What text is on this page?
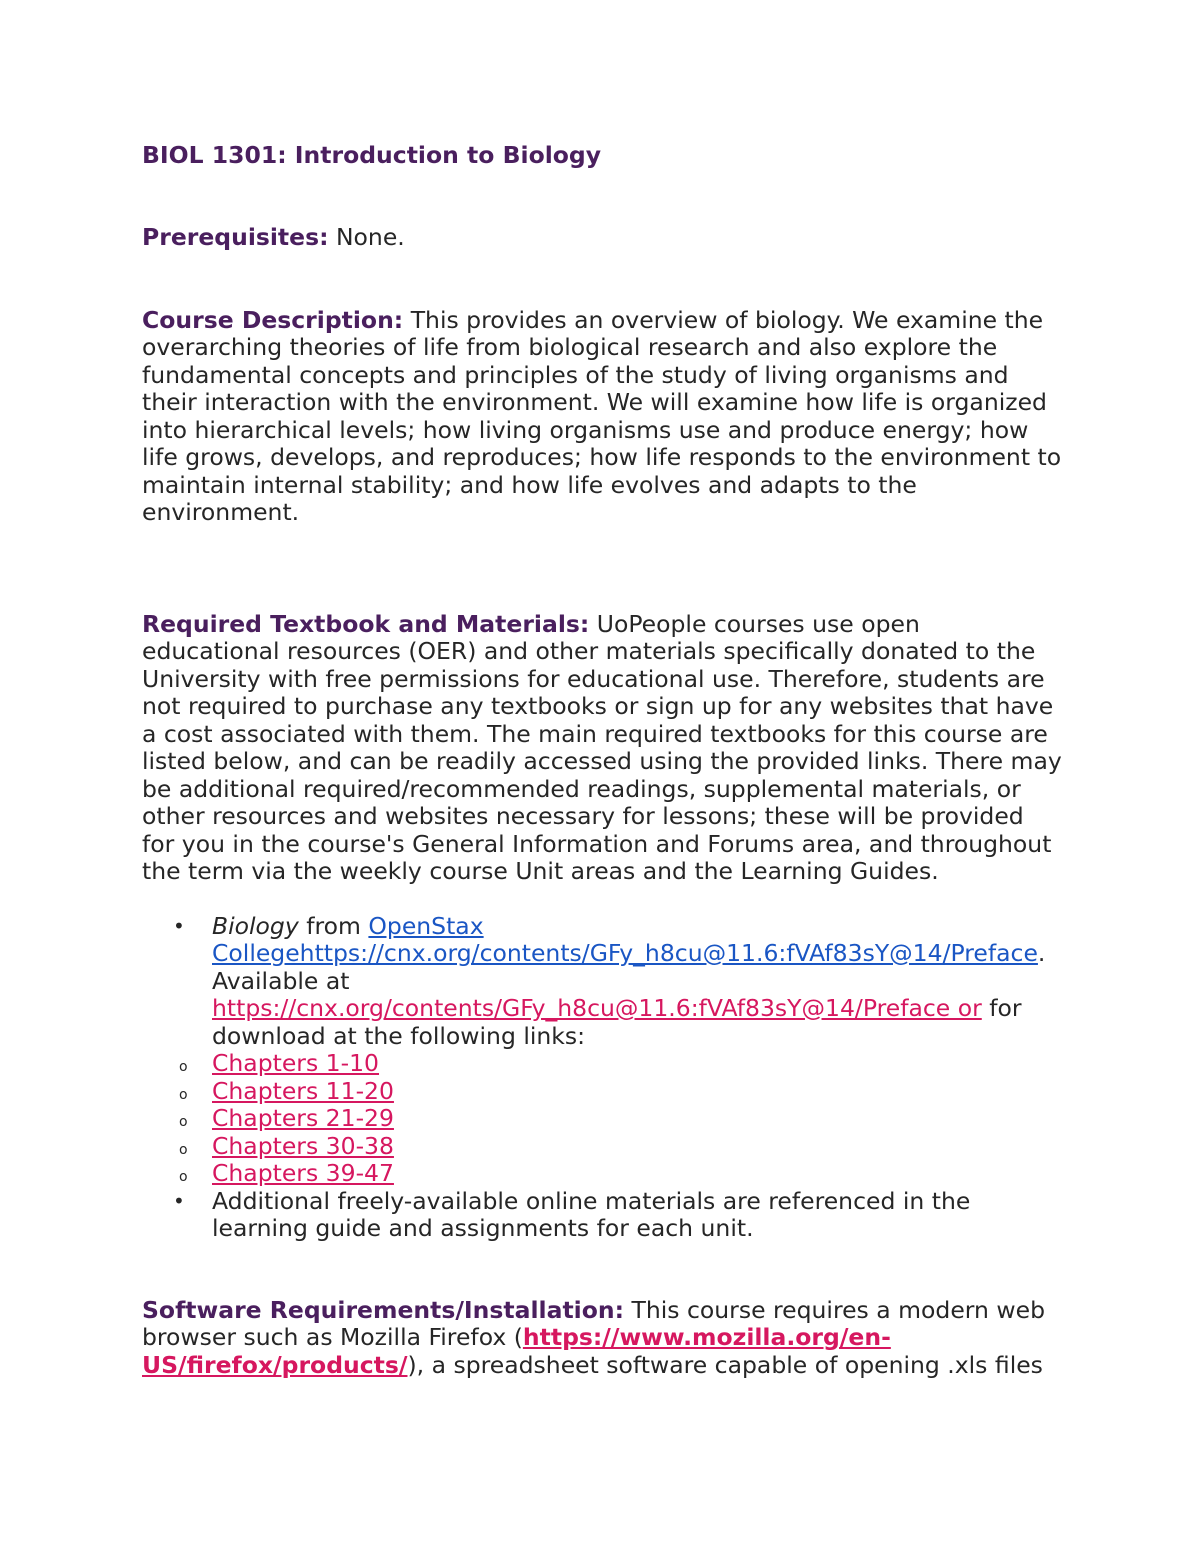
BIOL 1301: Introduction to Biology

Prerequisites: None.

Course Description: This provides an overview of biology. We examine the overarching theories of life from biological research and also explore the fundamental concepts and principles of the study of living organisms and their interaction with the environment. We will examine how life is organized into hierarchical levels; how living organisms use and produce energy; how life grows, develops, and reproduces; how life responds to the environment to maintain internal stability; and how life evolves and adapts to the environment.

Required Textbook and Materials: UoPeople courses use open educational resources (OER) and other materials specifically donated to the University with free permissions for educational use. Therefore, students are not required to purchase any textbooks or sign up for any websites that have a cost associated with them. The main required textbooks for this course are listed below, and can be readily accessed using the provided links. There may be additional required/recommended readings, supplemental materials, or other resources and websites necessary for lessons; these will be provided for you in the course's General Information and Forums area, and throughout the term via the weekly course Unit areas and the Learning Guides.

• Biology from OpenStax Collegehttps://cnx.org/contents/GFy_h8cu@11.6:fVAf83sY@14/Preface. Available at https://cnx.org/contents/GFy_h8cu@11.6:fVAf83sY@14/Preface or for download at the following links:
o Chapters 1-10
o Chapters 11-20
o Chapters 21-29
o Chapters 30-38
o Chapters 39-47
• Additional freely-available online materials are referenced in the learning guide and assignments for each unit.

Software Requirements/Installation: This course requires a modern web browser such as Mozilla Firefox (https://www.mozilla.org/en-US/firefox/products/), a spreadsheet software capable of opening .xls files
